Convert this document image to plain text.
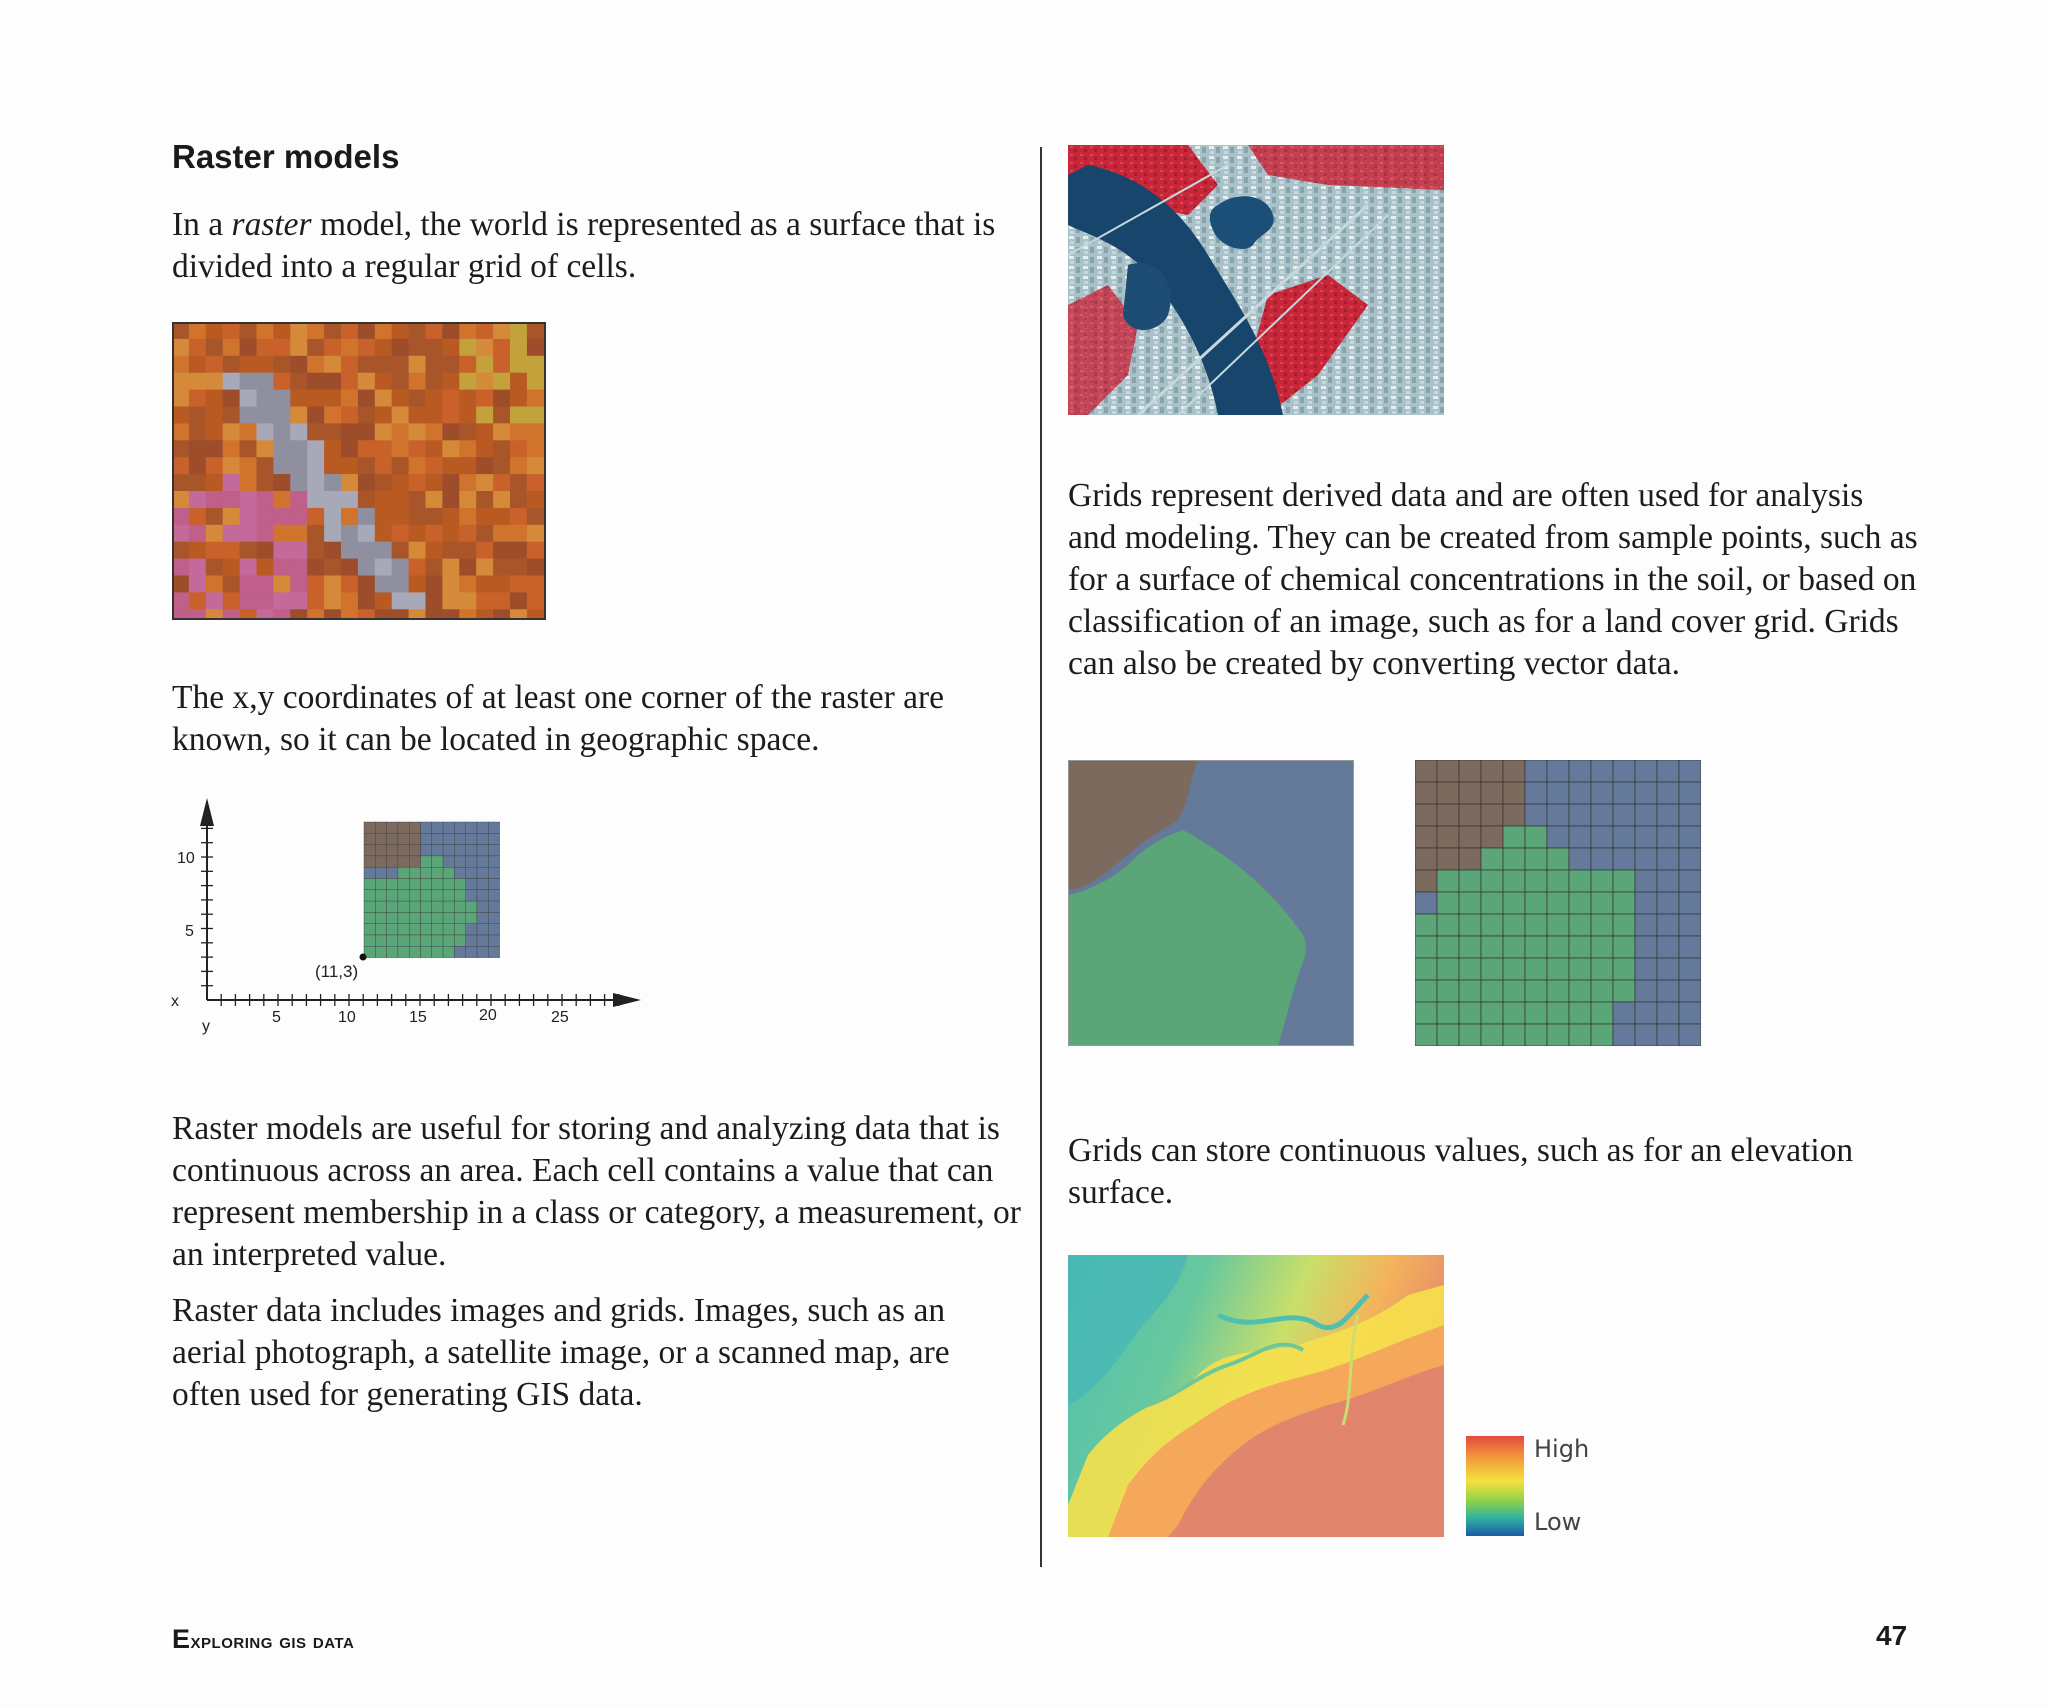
Raster models

In a raster model, the world is represented as a surface that is divided into a regular grid of cells.

The x,y coordinates of at least one corner of the raster are known, so it can be located in geographic space.

(11,3)
10
5
x
y
5	10	15	20	25

Raster models are useful for storing and analyzing data that is continuous across an area. Each cell contains a value that can represent membership in a class or category, a measurement, or an interpreted value.

Raster data includes images and grids. Images, such as an aerial photograph, a satellite image, or a scanned map, are often used for generating GIS data.

Grids represent derived data and are often used for analysis and modeling. They can be created from sample points, such as for a surface of chemical concentrations in the soil, or based on classification of an image, such as for a land cover grid. Grids can also be created by converting vector data.

Grids can store continuous values, such as for an elevation surface.

High
Low
Exploring gis data	47
